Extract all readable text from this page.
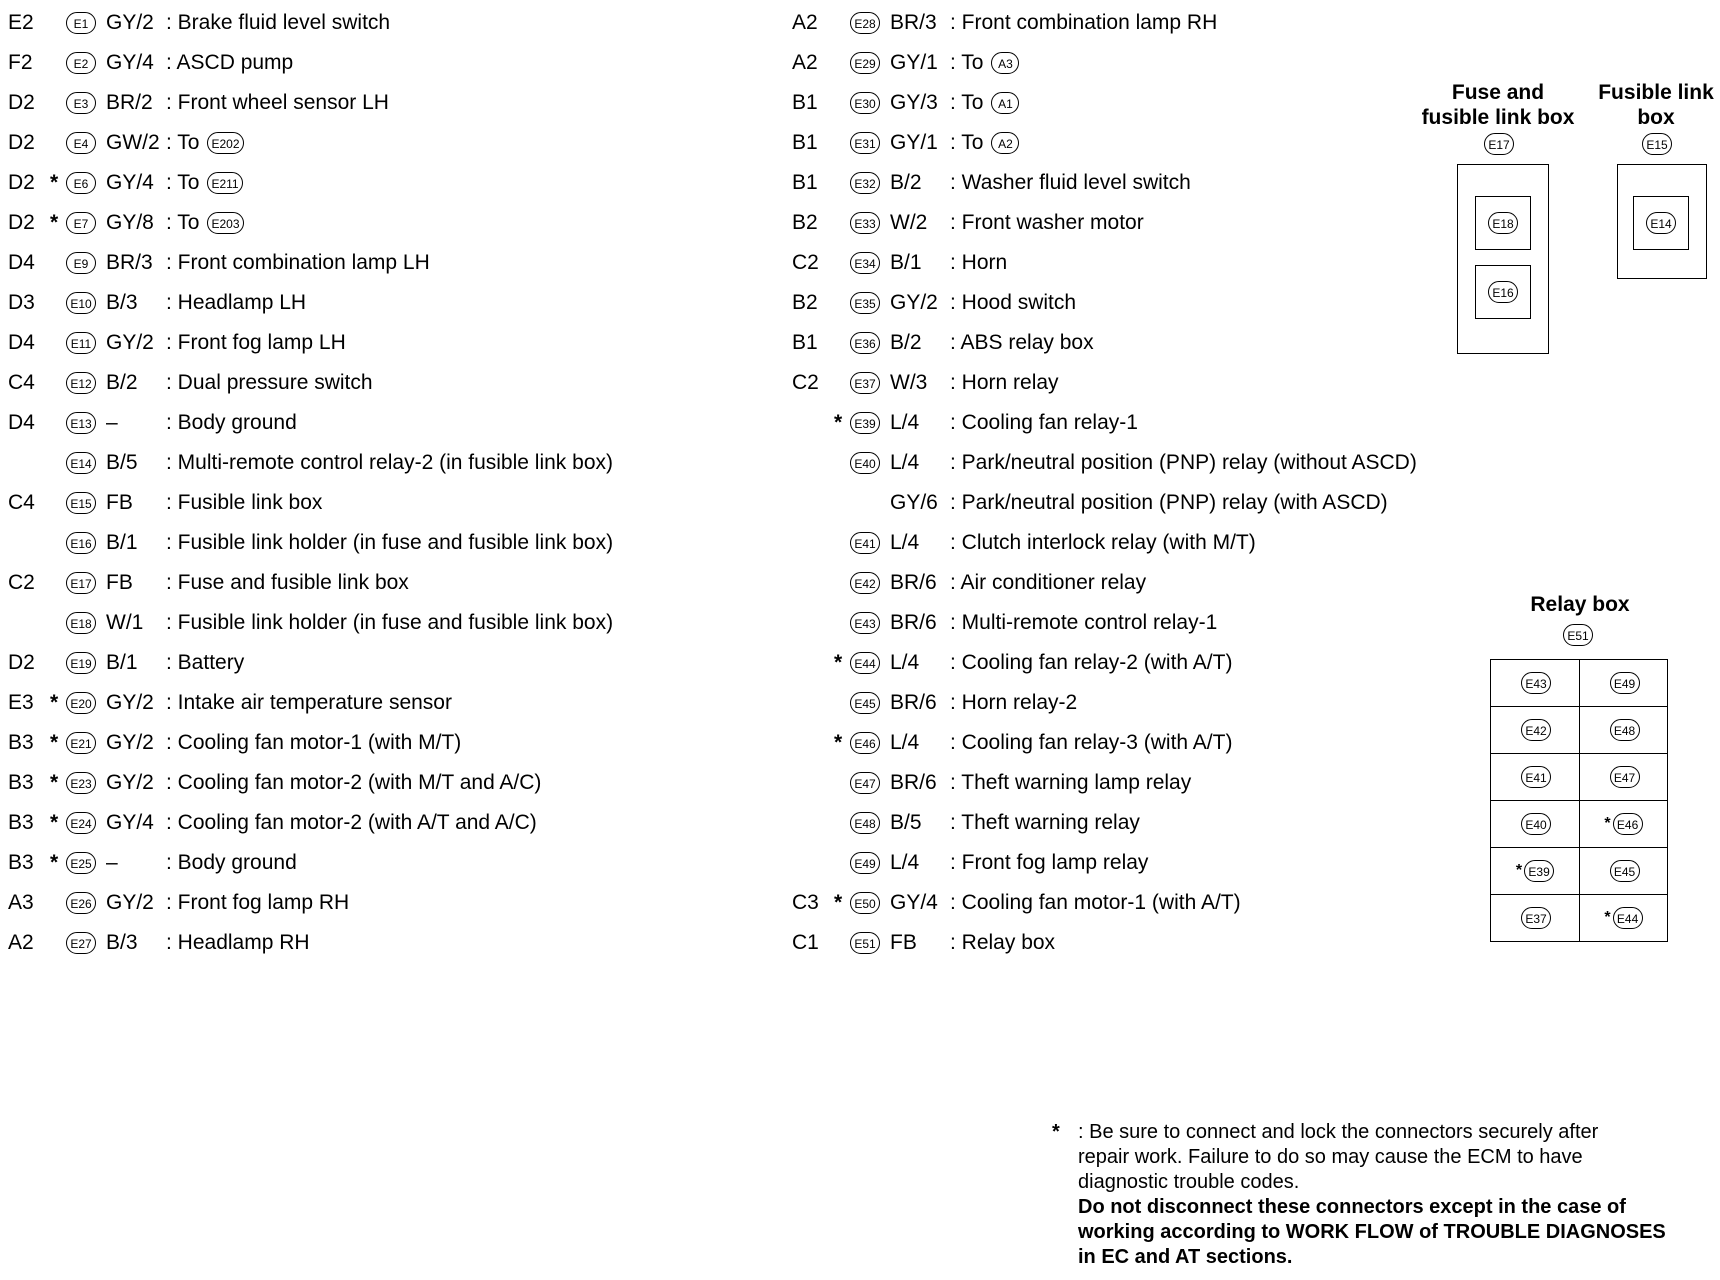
E2	E1 GY/2 : Brake fluid level switch
F2	E2 GY/4 : ASCD pump
D2	E3 BR/2 : Front wheel sensor LH
D2	E4 GW/2 : To E202
D2 *	E6 GY/4 : To E211
D2 *	E7 GY/8 : To E203
D4	E9 BR/3 : Front combination lamp LH
D3	E10 B/3 : Headlamp LH
D4	E11 GY/2 : Front fog lamp LH
C4	E12 B/2 : Dual pressure switch
D4	E13 – : Body ground
E14 B/5 : Multi-remote control relay-2 (in fusible link box)
C4	E15 FB : Fusible link box
E16 B/1 : Fusible link holder (in fuse and fusible link box)
C2	E17 FB : Fuse and fusible link box
E18 W/1 : Fusible link holder (in fuse and fusible link box)
D2	E19 B/1 : Battery
E3 *	E20 GY/2 : Intake air temperature sensor
B3 *	E21 GY/2 : Cooling fan motor-1 (with M/T)
B3 *	E23 GY/2 : Cooling fan motor-2 (with M/T and A/C)
B3 *	E24 GY/4 : Cooling fan motor-2 (with A/T and A/C)
B3 *	E25 – : Body ground
A3	E26 GY/2 : Front fog lamp RH
A2	E27 B/3 : Headlamp RH
A2	E28 BR/3 : Front combination lamp RH
A2	E29 GY/1 : To A3
B1	E30 GY/3 : To A1
B1	E31 GY/1 : To A2
B1	E32 B/2 : Washer fluid level switch
B2	E33 W/2 : Front washer motor
C2	E34 B/1 : Horn
B2	E35 GY/2 : Hood switch
B1	E36 B/2 : ABS relay box
C2	E37 W/3 : Horn relay
*	E39 L/4 : Cooling fan relay-1
E40 L/4 : Park/neutral position (PNP) relay (without ASCD)
GY/6 : Park/neutral position (PNP) relay (with ASCD)
E41 L/4 : Clutch interlock relay (with M/T)
E42 BR/6 : Air conditioner relay
E43 BR/6 : Multi-remote control relay-1
*	E44 L/4 : Cooling fan relay-2 (with A/T)
E45 BR/6 : Horn relay-2
*	E46 L/4 : Cooling fan relay-3 (with A/T)
E47 BR/6 : Theft warning lamp relay
E48 B/5 : Theft warning relay
E49 L/4 : Front fog lamp relay
C3 *	E50 GY/4 : Cooling fan motor-1 (with A/T)
C1	E51 FB : Relay box
Fuse and
fusible link box
E17
E18
E16
Fusible link
box
E15
E14
Relay box
E51
E43	E49
E42	E48
E41	E47
E40	* E46
* E39	E45
E37	* E44
* : Be sure to connect and lock the connectors securely after
repair work. Failure to do so may cause the ECM to have
diagnostic trouble codes.
Do not disconnect these connectors except in the case of
working according to WORK FLOW of TROUBLE DIAGNOSES
in EC and AT sections.
